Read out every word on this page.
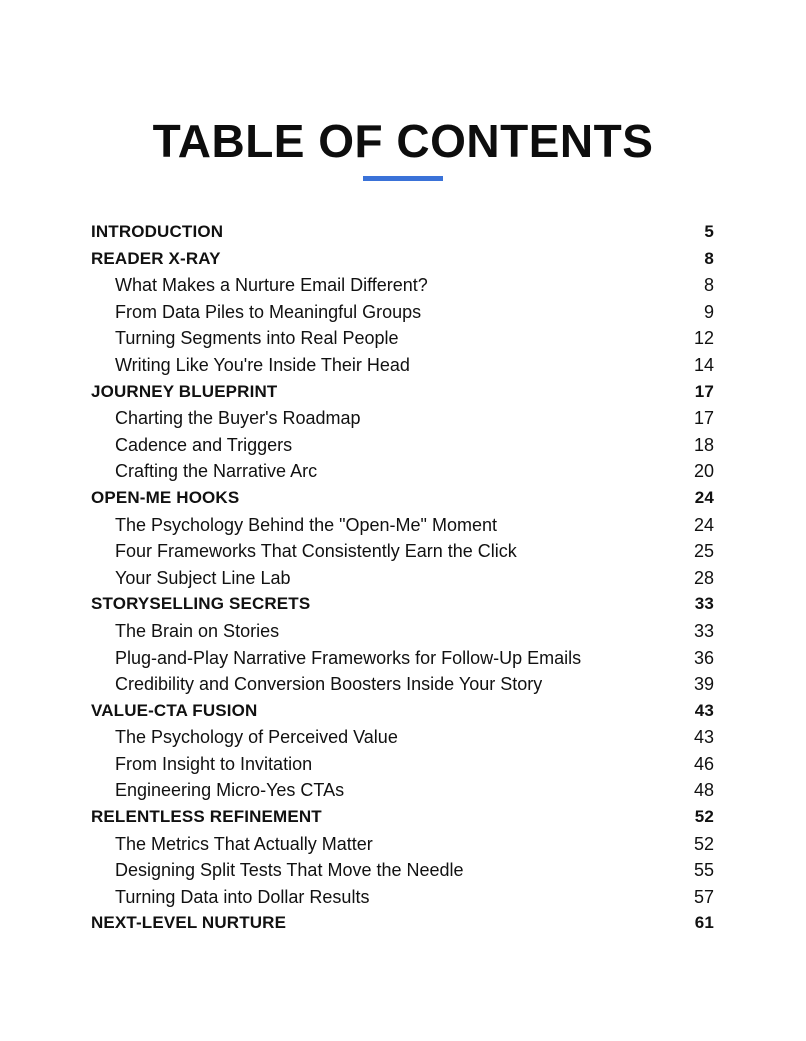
TABLE OF CONTENTS
INTRODUCTION	5
READER X-RAY	8
What Makes a Nurture Email Different?	8
From Data Piles to Meaningful Groups	9
Turning Segments into Real People	12
Writing Like You're Inside Their Head	14
JOURNEY BLUEPRINT	17
Charting the Buyer's Roadmap	17
Cadence and Triggers	18
Crafting the Narrative Arc	20
OPEN-ME HOOKS	24
The Psychology Behind the "Open-Me" Moment	24
Four Frameworks That Consistently Earn the Click	25
Your Subject Line Lab	28
STORYSELLING SECRETS	33
The Brain on Stories	33
Plug-and-Play Narrative Frameworks for Follow-Up Emails	36
Credibility and Conversion Boosters Inside Your Story	39
VALUE-CTA FUSION	43
The Psychology of Perceived Value	43
From Insight to Invitation	46
Engineering Micro-Yes CTAs	48
RELENTLESS REFINEMENT	52
The Metrics That Actually Matter	52
Designing Split Tests That Move the Needle	55
Turning Data into Dollar Results	57
NEXT-LEVEL NURTURE	61
